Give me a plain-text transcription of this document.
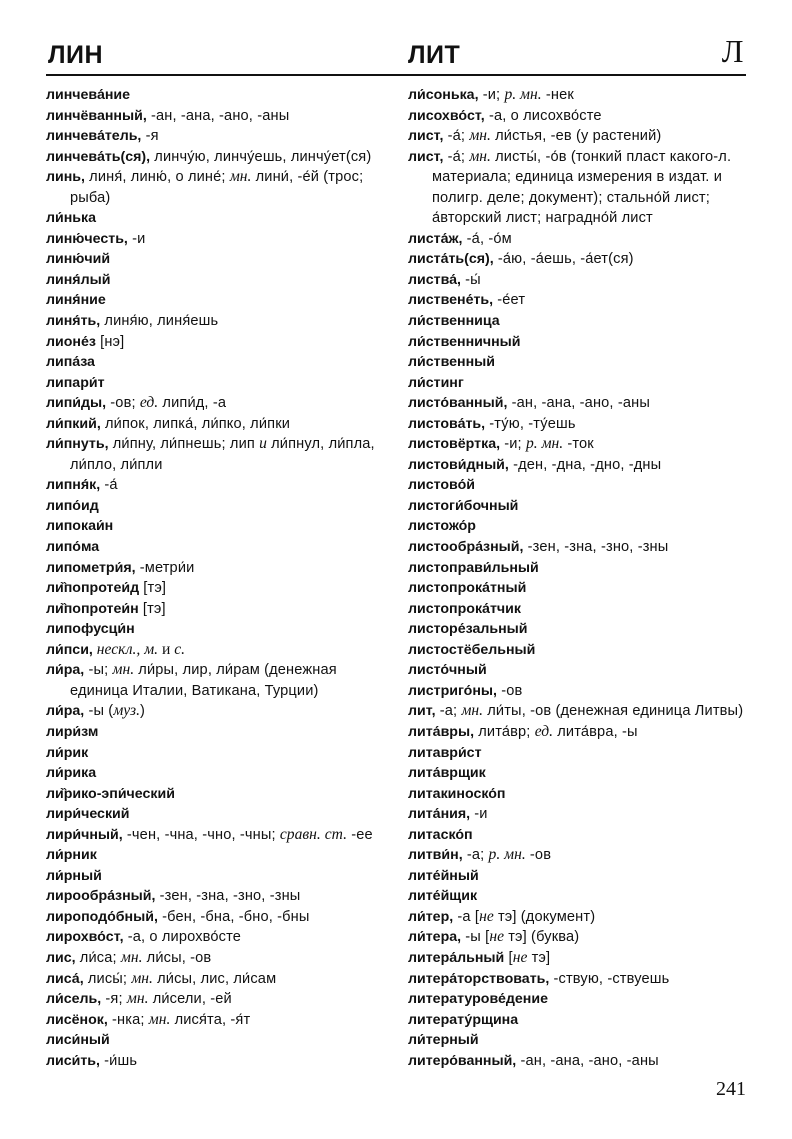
ЛИН	ЛИТ	Л
линчева́ние
линчёванный, -ан, -ана, -ано, -аны
линчева́тель, -я
линчева́ть(ся), линчу́ю, линчу́ешь, линчу́ет(ся)
линь, линя́, линю́, о лине́; мн. лини́, -е́й (трос; рыба)
ли́нька
линю́честь, -и
линю́чий
линя́лый
линя́ние
линя́ть, линя́ю, линя́ешь
лионе́з [нэ]
липа́за
липари́т
липи́ды, -ов; ед. липи́д, -а
ли́пкий, ли́пок, липка́, ли́пко, ли́пки
ли́пнуть, ли́пну, ли́пнешь; лип и ли́пнул, ли́пла, ли́пло, ли́пли
липня́к, -а́
липо́ид
липокаи́н
липо́ма
липометри́я, -метри́и
ли̏попротеи́д [тэ]
ли̏попротеи́н [тэ]
липофусци́н
ли́пси, нескл., м. и с.
ли́ра, -ы; мн. ли́ры, лир, ли́рам (денежная единица Италии, Ватикана, Турции)
ли́ра, -ы (муз.)
лири́зм
ли́рик
ли́рика
ли̏рико-эпи́ческий
лири́ческий
лири́чный, -чен, -чна, -чно, -чны; сравн. ст. -ее
ли́рник
ли́рный
лирообра́зный, -зен, -зна, -зно, -зны
лироподо́бный, -бен, -бна, -бно, -бны
лирохво́ст, -а, о лирохво́сте
лис, ли́са; мн. ли́сы, -ов
лиса́, лисы́; мн. ли́сы, лис, ли́сам
ли́сель, -я; мн. ли́сели, -ей
лисёнок, -нка; мн. лися́та, -я́т
лиси́ный
лиси́ть, -и́шь
ли́сонька, -и; р. мн. -нек
лисохво́ст, -а, о лисохво́сте
лист, -а́; мн. ли́стья, -ев (у растений)
лист, -а́; мн. листы́, -о́в (тонкий пласт какого-л. материала; единица измерения в издат. и полигр. деле; документ); стально́й лист; а́вторский лист; наградно́й лист
листа́ж, -а́, -о́м
листа́ть(ся), -а́ю, -а́ешь, -а́ет(ся)
листва́, -ы́
листвене́ть, -е́ет
ли́ственница
ли́ственничный
ли́ственный
ли́стинг
листо́ванный, -ан, -ана, -ано, -аны
листова́ть, -ту́ю, -ту́ешь
листовёртка, -и; р. мн. -ток
листови́дный, -ден, -дна, -дно, -дны
листово́й
листоги́бочный
листожо́р
листообра́зный, -зен, -зна, -зно, -зны
листоправи́льный
листопрока́тный
листопрока́тчик
листоре́зальный
листостёбельный
листо́чный
листриго́ны, -ов
лит, -а; мн. ли́ты, -ов (денежная единица Литвы)
лита́вры, лита́вр; ед. лита́вра, -ы
литаври́ст
лита́врщик
литакиноско́п
лита́ния, -и
литаско́п
литви́н, -а; р. мн. -ов
лите́йный
лите́йщик
ли́тер, -а [не тэ] (документ)
ли́тера, -ы [не тэ] (буква)
литера́льный [не тэ]
литера́торствовать, -ствую, -ствуешь
литературове́дение
литерату́рщина
ли́терный
литеро́ванный, -ан, -ана, -ано, -аны
241
